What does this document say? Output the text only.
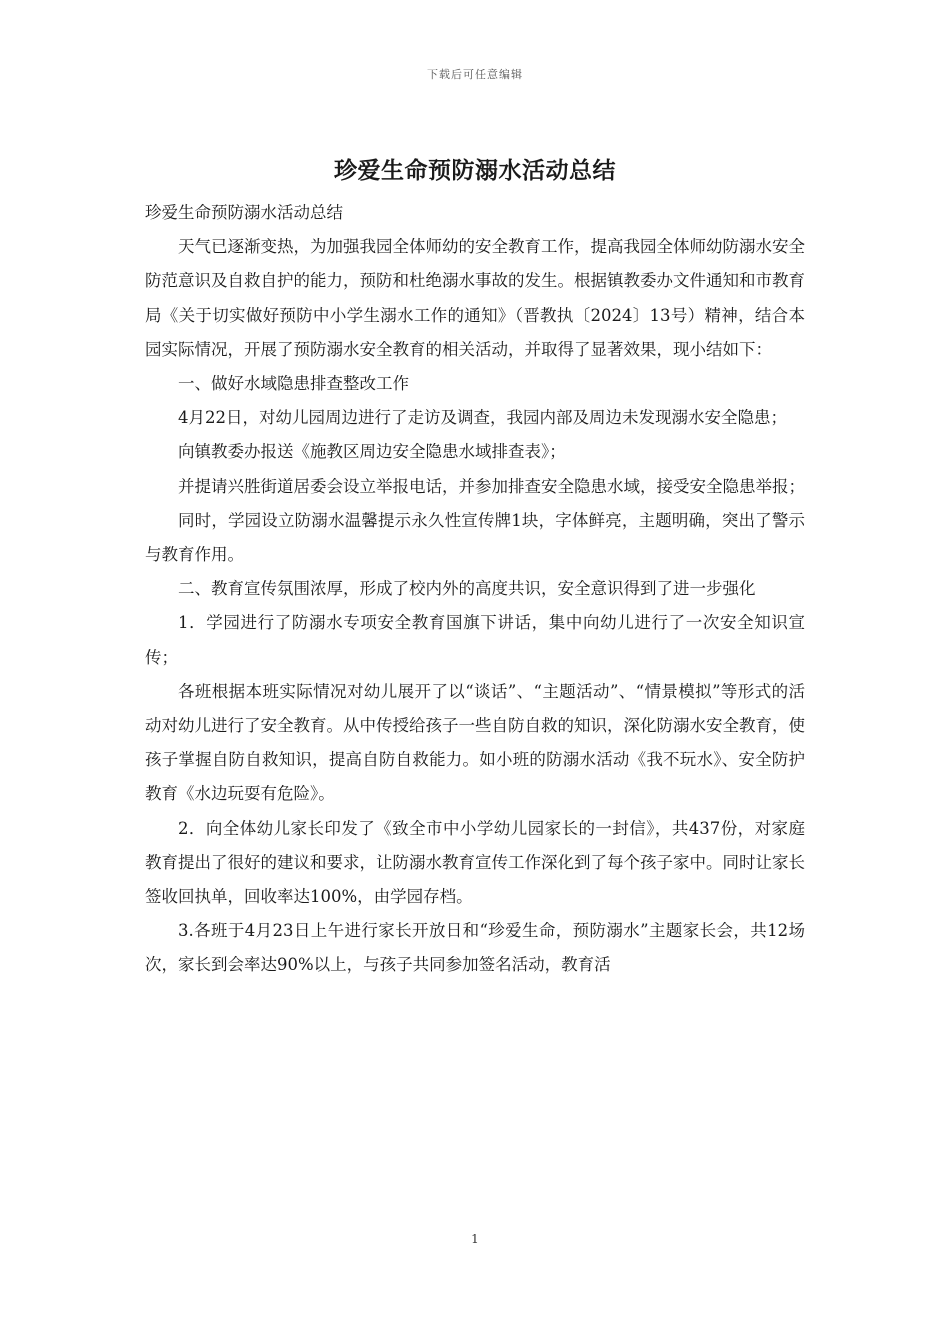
下载后可任意编辑
珍爱生命预防溺水活动总结

珍爱生命预防溺水活动总结

天气已逐渐变热，为加强我园全体师幼的安全教育工作，提高我园全体师幼防溺水安全防范意识及自救自护的能力，预防和杜绝溺水事故的发生。根据镇教委办文件通知和市教育局《关于切实做好预防中小学生溺水工作的通知》（晋教执〔2024〕13号）精神，结合本园实际情况，开展了预防溺水安全教育的相关活动，并取得了显著效果，现小结如下：

一、做好水域隐患排查整改工作

4月22日，对幼儿园周边进行了走访及调查，我园内部及周边未发现溺水安全隐患；

向镇教委办报送《施教区周边安全隐患水域排查表》；

并提请兴胜街道居委会设立举报电话，并参加排查安全隐患水域，接受安全隐患举报；

同时，学园设立防溺水温馨提示永久性宣传牌1块，字体鲜亮，主题明确，突出了警示与教育作用。

二、教育宣传氛围浓厚，形成了校内外的高度共识，安全意识得到了进一步强化

1．学园进行了防溺水专项安全教育国旗下讲话，集中向幼儿进行了一次安全知识宣传；

各班根据本班实际情况对幼儿展开了以“谈话”、“主题活动”、“情景模拟”等形式的活动对幼儿进行了安全教育。从中传授给孩子一些自防自救的知识，深化防溺水安全教育，使孩子掌握自防自救知识，提高自防自救能力。如小班的防溺水活动《我不玩水》、安全防护教育《水边玩耍有危险》。

2．向全体幼儿家长印发了《致全市中小学幼儿园家长的一封信》，共437份，对家庭教育提出了很好的建议和要求，让防溺水教育宣传工作深化到了每个孩子家中。同时让家长签收回执单，回收率达100%，由学园存档。

3.各班于4月23日上午进行家长开放日和“珍爱生命，预防溺水”主题家长会，共12场次，家长到会率达90%以上，与孩子共同参加签名活动，教育活

1
